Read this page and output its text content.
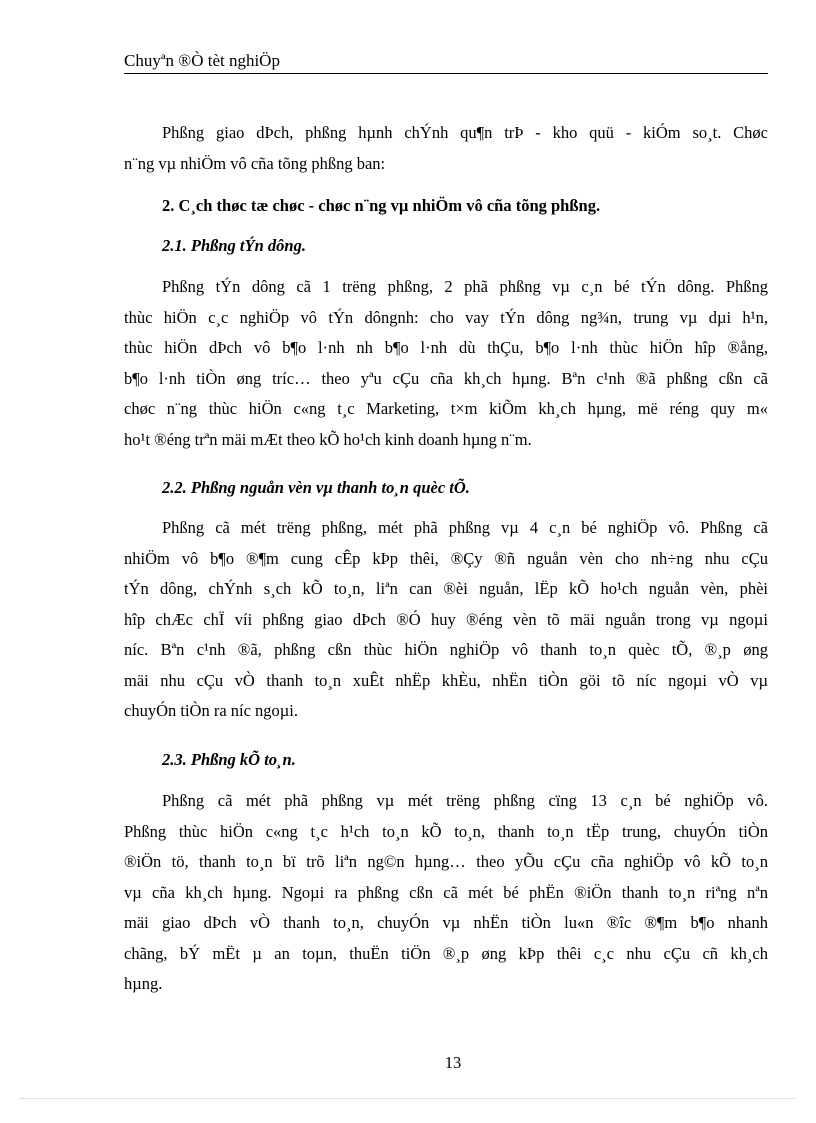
Chuyªn ®Ò tèt nghiÖp
Phßng giao dÞch, phßng hµnh chÝnh qu¶n trÞ - kho quü - kiÓm so¸t. Chøc
n¨ng vµ nhiÖm vô cña tõng phßng ban:
2. C¸ch thøc tæ chøc - chøc n¨ng vµ nhiÖm vô cña tõng phßng.
2.1. Phßng tÝn dông.
Phßng tÝn dông cã 1 trëng phßng, 2 phã phßng vµ c¸n bé tÝn dông. Phßng
thùc hiÖn c¸c nghiÖp vô tÝn dôngnh: cho vay tÝn dông ng¾n, trung vµ dµi h¹n,
thùc hiÖn dÞch vô b¶o l·nh nh b¶o l·nh dù thÇu, b¶o l·nh thùc hiÖn hîp ®ång,
b¶o l·nh tiÒn øng tríc… theo yªu cÇu cña kh¸ch hµng. Bªn c¹nh ®ã phßng cßn cã
chøc n¨ng thùc hiÖn c«ng t¸c Marketing, t×m kiÕm kh¸ch hµng, më réng quy m«
ho¹t ®éng trªn mäi mÆt theo kÕ ho¹ch kinh doanh hµng n¨m.
2.2. Phßng nguån vèn vµ thanh to¸n quèc tÕ.
Phßng cã mét trëng phßng, mét phã phßng vµ 4 c¸n bé nghiÖp vô. Phßng cã
nhiÖm vô b¶o ®¶m cung cÊp kÞp thêi, ®Çy ®ñ nguån vèn cho nh÷ng nhu cÇu
tÝn dông, chÝnh s¸ch kÕ to¸n, liªn can ®èi nguån, lËp kÕ ho¹ch nguån vèn, phèi
hîp chÆc chÏ víi phßng giao dÞch ®Ó huy ®éng vèn tõ mäi nguån trong vµ ngoµi
níc. Bªn c¹nh ®ã, phßng cßn thùc hiÖn nghiÖp vô thanh to¸n quèc tÕ, ®¸p øng
mäi nhu cÇu vÒ thanh to¸n xuÊt nhËp khÈu, nhËn tiÒn göi tõ níc ngoµi vÒ vµ
chuyÓn tiÒn ra níc ngoµi.
2.3. Phßng kÕ to¸n.
Phßng cã mét phã phßng vµ mét trëng phßng cïng 13 c¸n bé nghiÖp vô.
Phßng thùc hiÖn c«ng t¸c h¹ch to¸n kÕ to¸n, thanh to¸n tËp trung, chuyÓn tiÒn
®iÖn tö, thanh to¸n bï trõ liªn ng©n hµng… theo yÕu cÇu cña nghiÖp vô kÕ to¸n
vµ cña kh¸ch hµng. Ngoµi ra phßng cßn cã mét bé phËn ®iÖn thanh to¸n riªng nªn
mäi giao dÞch vÒ thanh to¸n, chuyÓn vµ nhËn tiÒn lu«n ®îc ®¶m b¶o nhanh
chãng, bÝ mËt µ an toµn, thuËn tiÖn ®¸p øng kÞp thêi c¸c nhu cÇu cñ kh¸ch
hµng.
13
